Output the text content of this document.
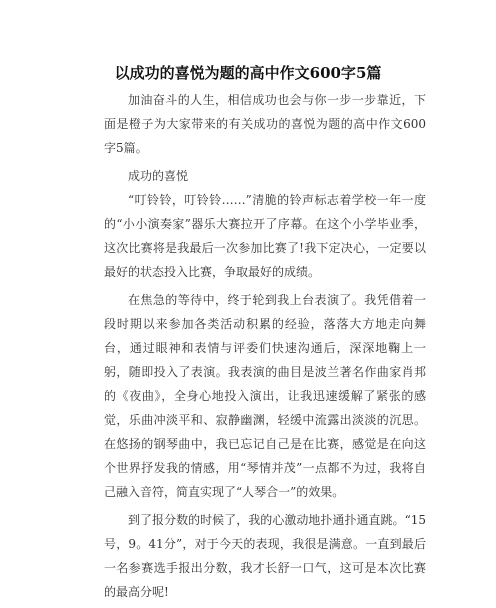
以成功的喜悦为题的高中作文600字5篇

加油奋斗的人生，相信成功也会与你一步一步靠近，下面是橙子为大家带来的有关成功的喜悦为题的高中作文600字5篇。

成功的喜悦

“叮铃铃，叮铃铃……”清脆的铃声标志着学校一年一度的“小小演奏家”器乐大赛拉开了序幕。在这个小学毕业季，这次比赛将是我最后一次参加比赛了!我下定决心，一定要以最好的状态投入比赛，争取最好的成绩。

在焦急的等待中，终于轮到我上台表演了。我凭借着一段时期以来参加各类活动积累的经验，落落大方地走向舞台，通过眼神和表情与评委们快速沟通后，深深地鞠上一躬，随即投入了表演。我表演的曲目是波兰著名作曲家肖邦的《夜曲》，全身心地投入演出，让我迅速缓解了紧张的感觉，乐曲冲淡平和、寂静幽渊，轻缓中流露出淡淡的沉思。在悠扬的钢琴曲中，我已忘记自己是在比赛，感觉是在向这个世界抒发我的情感，用“琴情并茂”一点都不为过，我将自己融入音符，简直实现了“人琴合一”的效果。

到了报分数的时候了，我的心激动地扑通扑通直跳。“15号，9。41分”，对于今天的表现，我很是满意。一直到最后一名参赛选手报出分数，我才长舒一口气，这可是本次比赛的最高分呢!
